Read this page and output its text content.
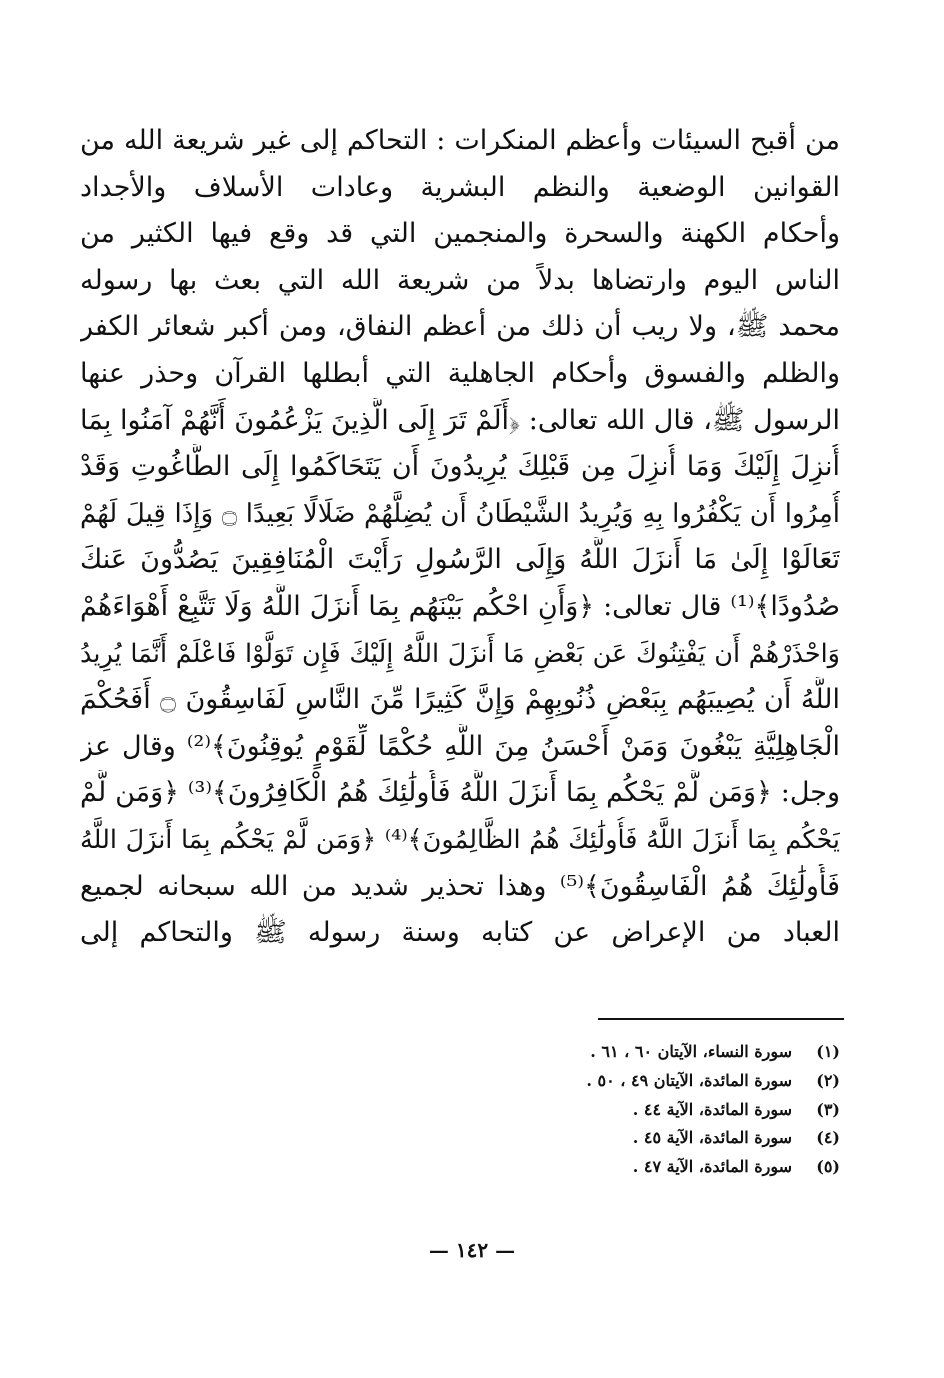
من أقبح السيئات وأعظم المنكرات : التحاكم إلى غير شريعة الله من
القوانين الوضعية والنظم البشرية وعادات الأسلاف والأجداد
وأحكام الكهنة والسحرة والمنجمين التي قد وقع فيها الكثير من
الناس اليوم وارتضاها بدلاً من شريعة الله التي بعث بها رسوله
محمد ﷺ، ولا ريب أن ذلك من أعظم النفاق، ومن أكبر شعائر الكفر
والظلم والفسوق وأحكام الجاهلية التي أبطلها القرآن وحذر عنها
الرسول ﷺ، قال الله تعالى: ﴿أَلَمْ تَرَ إِلَى الَّذِينَ يَزْعُمُونَ أَنَّهُمْ آمَنُوا بِمَا
أُنزِلَ إِلَيْكَ وَمَا أُنزِلَ مِن قَبْلِكَ يُرِيدُونَ أَن يَتَحَاكَمُوا إِلَى الطَّاغُوتِ وَقَدْ
أُمِرُوا أَن يَكْفُرُوا بِهِ وَيُرِيدُ الشَّيْطَانُ أَن يُضِلَّهُمْ ضَلَالًا بَعِيدًا ۝ وَإِذَا قِيلَ لَهُمْ
تَعَالَوْا إِلَىٰ مَا أَنزَلَ اللَّهُ وَإِلَى الرَّسُولِ رَأَيْتَ الْمُنَافِقِينَ يَصُدُّونَ عَنكَ
صُدُودًا﴾⁽¹⁾ قال تعالى: ﴿وَأَنِ احْكُم بَيْنَهُم بِمَا أَنزَلَ اللَّهُ وَلَا تَتَّبِعْ أَهْوَاءَهُمْ
وَاحْذَرْهُمْ أَن يَفْتِنُوكَ عَن بَعْضِ مَا أَنزَلَ اللَّهُ إِلَيْكَ فَإِن تَوَلَّوْا فَاعْلَمْ أَنَّمَا يُرِيدُ
اللَّهُ أَن يُصِيبَهُم بِبَعْضِ ذُنُوبِهِمْ وَإِنَّ كَثِيرًا مِّنَ النَّاسِ لَفَاسِقُونَ ۝ أَفَحُكْمَ
الْجَاهِلِيَّةِ يَبْغُونَ وَمَنْ أَحْسَنُ مِنَ اللَّهِ حُكْمًا لِّقَوْمٍ يُوقِنُونَ﴾⁽²⁾ وقال عز
وجل: ﴿وَمَن لَّمْ يَحْكُم بِمَا أَنزَلَ اللَّهُ فَأُولَٰئِكَ هُمُ الْكَافِرُونَ﴾⁽³⁾ ﴿وَمَن لَّمْ
يَحْكُم بِمَا أَنزَلَ اللَّهُ فَأُولَٰئِكَ هُمُ الظَّالِمُونَ﴾⁽⁴⁾ ﴿وَمَن لَّمْ يَحْكُم بِمَا أَنزَلَ اللَّهُ
فَأُولَٰئِكَ هُمُ الْفَاسِقُونَ﴾⁽⁵⁾ وهذا تحذير شديد من الله سبحانه لجميع
العباد من الإعراض عن كتابه وسنة رسوله ﷺ والتحاكم إلى
(١)سورة النساء، الآيتان ٦٠ ، ٦١ .
(٢)سورة المائدة، الآيتان ٤٩ ، ٥٠ .
(٣)سورة المائدة، الآية ٤٤ .
(٤)سورة المائدة، الآية ٤٥ .
(٥)سورة المائدة، الآية ٤٧ .
— ١٤٢ —
